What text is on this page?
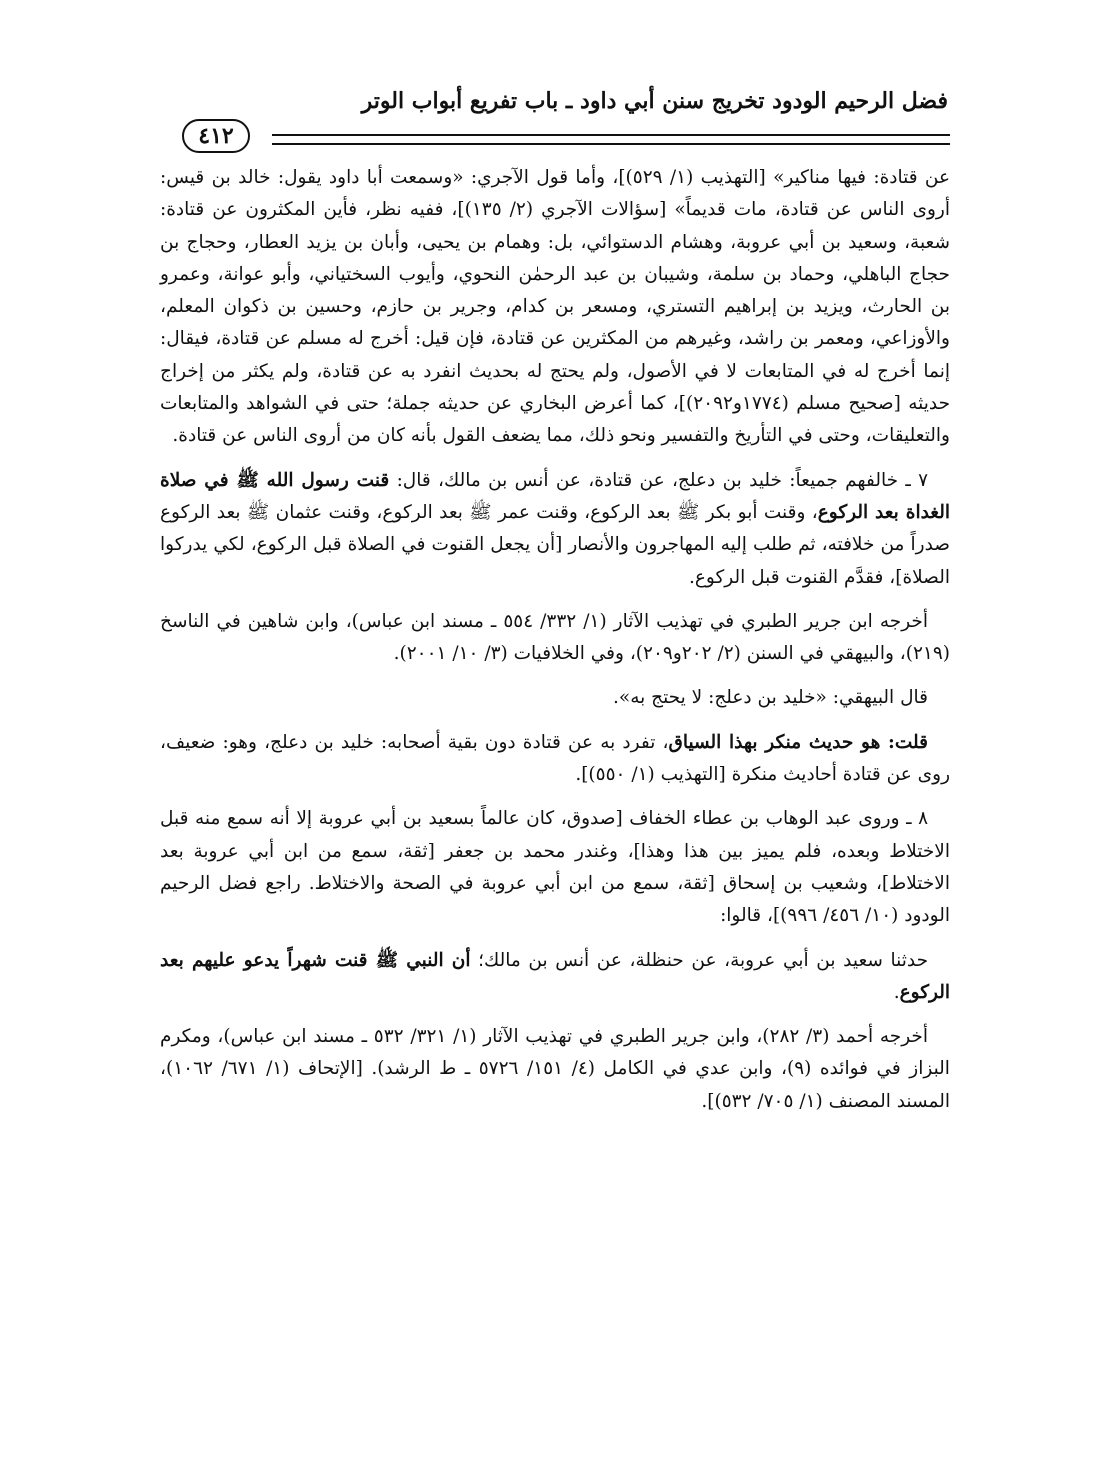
فضل الرحيم الودود تخريج سنن أبي داود ـ باب تفريع أبواب الوتر
٤١٢

عن قتادة: فيها مناكير» [التهذيب (١/ ٥٢٩)]، وأما قول الآجري: «وسمعت أبا داود يقول: خالد بن قيس: أروى الناس عن قتادة، مات قديماً» [سؤالات الآجري (٢/ ١٣٥)]، ففيه نظر، فأين المكثرون عن قتادة: شعبة، وسعيد بن أبي عروبة، وهشام الدستوائي، بل: وهمام بن يحيى، وأبان بن يزيد العطار، وحجاج بن حجاج الباهلي، وحماد بن سلمة، وشيبان بن عبد الرحمٰن النحوي، وأيوب السختياني، وأبو عوانة، وعمرو بن الحارث، ويزيد بن إبراهيم التستري، ومسعر بن كدام، وجرير بن حازم، وحسين بن ذكوان المعلم، والأوزاعي، ومعمر بن راشد، وغيرهم من المكثرين عن قتادة، فإن قيل: أخرج له مسلم عن قتادة، فيقال: إنما أخرج له في المتابعات لا في الأصول، ولم يحتج له بحديث انفرد به عن قتادة، ولم يكثر من إخراج حديثه [صحيح مسلم (١٧٧٤و٢٠٩٢)]، كما أعرض البخاري عن حديثه جملة؛ حتى في الشواهد والمتابعات والتعليقات، وحتى في التأريخ والتفسير ونحو ذلك، مما يضعف القول بأنه كان من أروى الناس عن قتادة.

٧ ـ خالفهم جميعاً: خليد بن دعلج، عن قتادة، عن أنس بن مالك، قال: قنت رسول الله ﷺ في صلاة الغداة بعد الركوع، وقنت أبو بكر ﷺ بعد الركوع، وقنت عمر ﷺ بعد الركوع، وقنت عثمان ﷺ بعد الركوع صدراً من خلافته، ثم طلب إليه المهاجرون والأنصار [أن يجعل القنوت في الصلاة قبل الركوع، لكي يدركوا الصلاة]، فقدَّم القنوت قبل الركوع.

أخرجه ابن جرير الطبري في تهذيب الآثار (١/ ٣٣٢/ ٥٥٤ ـ مسند ابن عباس)، وابن شاهين في الناسخ (٢١٩)، والبيهقي في السنن (٢/ ٢٠٢و٢٠٩)، وفي الخلافيات (٣/ ١٠/ ٢٠٠١).

قال البيهقي: «خليد بن دعلج: لا يحتج به».

قلت: هو حديث منكر بهذا السياق، تفرد به عن قتادة دون بقية أصحابه: خليد بن دعلج، وهو: ضعيف، روى عن قتادة أحاديث منكرة [التهذيب (١/ ٥٥٠)].

٨ ـ وروى عبد الوهاب بن عطاء الخفاف [صدوق، كان عالماً بسعيد بن أبي عروبة إلا أنه سمع منه قبل الاختلاط وبعده، فلم يميز بين هذا وهذا]، وغندر محمد بن جعفر [ثقة، سمع من ابن أبي عروبة بعد الاختلاط]، وشعيب بن إسحاق [ثقة، سمع من ابن أبي عروبة في الصحة والاختلاط. راجع فضل الرحيم الودود (١٠/ ٤٥٦/ ٩٩٦)]، قالوا:

حدثنا سعيد بن أبي عروبة، عن حنظلة، عن أنس بن مالك؛ أن النبي ﷺ قنت شهراً يدعو عليهم بعد الركوع.

أخرجه أحمد (٣/ ٢٨٢)، وابن جرير الطبري في تهذيب الآثار (١/ ٣٢١/ ٥٣٢ ـ مسند ابن عباس)، ومكرم البزاز في فوائده (٩)، وابن عدي في الكامل (٤/ ١٥١/ ٥٧٢٦ ـ ط الرشد). [الإتحاف (١/ ٦٧١/ ١٠٦٢)، المسند المصنف (١/ ٧٠٥/ ٥٣٢)].
